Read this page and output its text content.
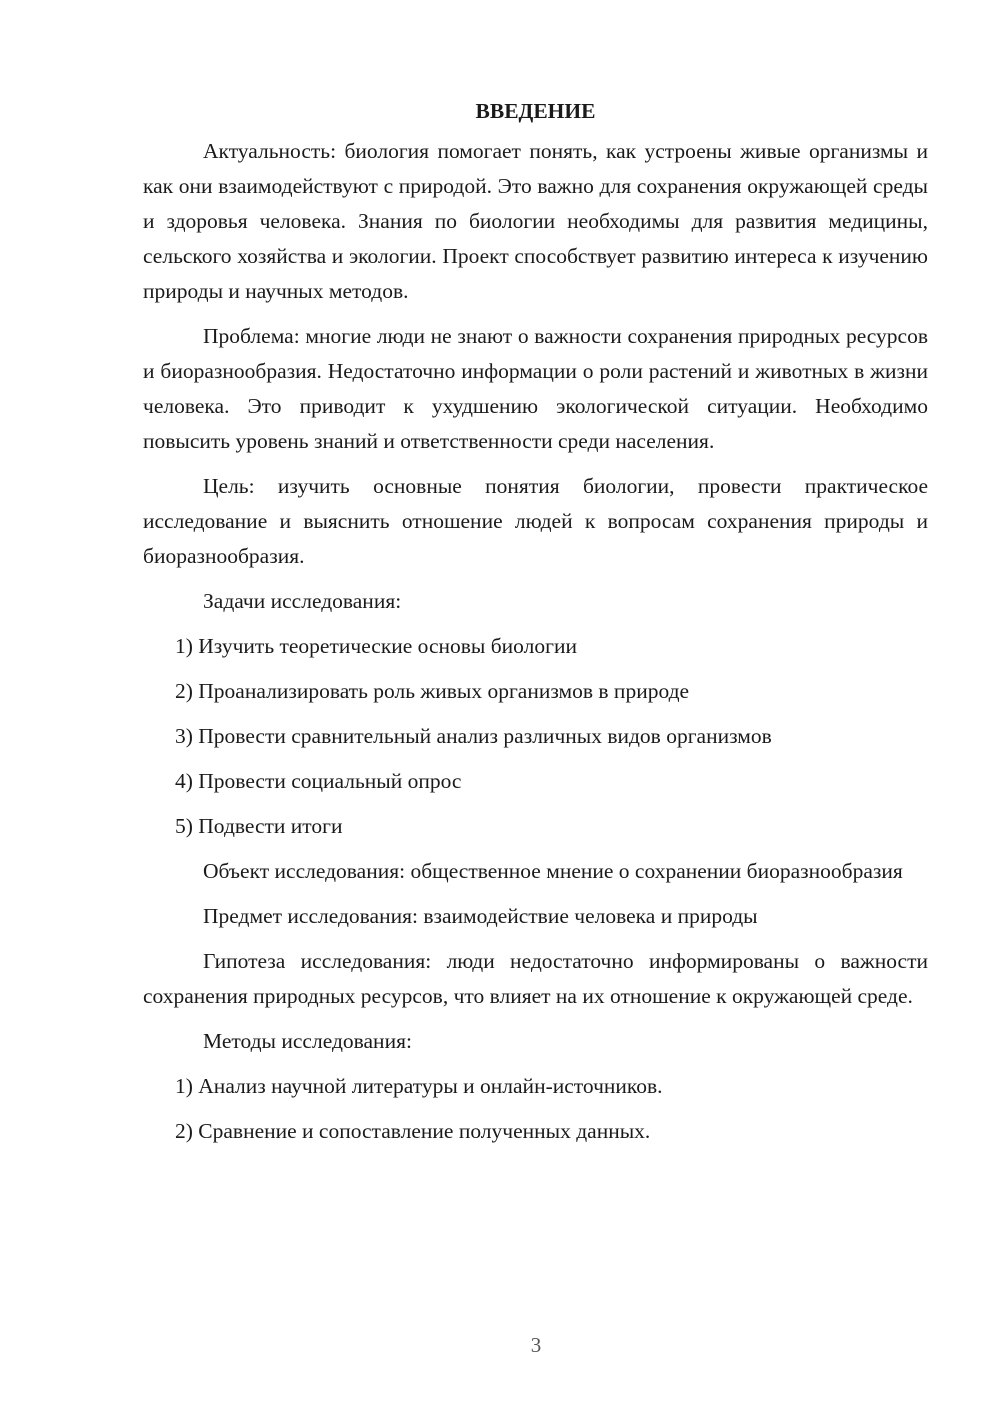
ВВЕДЕНИЕ

Актуальность: биология помогает понять, как устроены живые организмы и как они взаимодействуют с природой. Это важно для сохранения окружающей среды и здоровья человека. Знания по биологии необходимы для развития медицины, сельского хозяйства и экологии. Проект способствует развитию интереса к изучению природы и научных методов.

Проблема: многие люди не знают о важности сохранения природных ресурсов и биоразнообразия. Недостаточно информации о роли растений и животных в жизни человека. Это приводит к ухудшению экологической ситуации. Необходимо повысить уровень знаний и ответственности среди населения.

Цель: изучить основные понятия биологии, провести практическое исследование и выяснить отношение людей к вопросам сохранения природы и биоразнообразия.

Задачи исследования:

1) Изучить теоретические основы биологии
2) Проанализировать роль живых организмов в природе
3) Провести сравнительный анализ различных видов организмов
4) Провести социальный опрос
5) Подвести итоги

Объект исследования: общественное мнение о сохранении биоразнообразия

Предмет исследования: взаимодействие человека и природы

Гипотеза исследования: люди недостаточно информированы о важности сохранения природных ресурсов, что влияет на их отношение к окружающей среде.

Методы исследования:

1) Анализ научной литературы и онлайн-источников.
2) Сравнение и сопоставление полученных данных.
3
